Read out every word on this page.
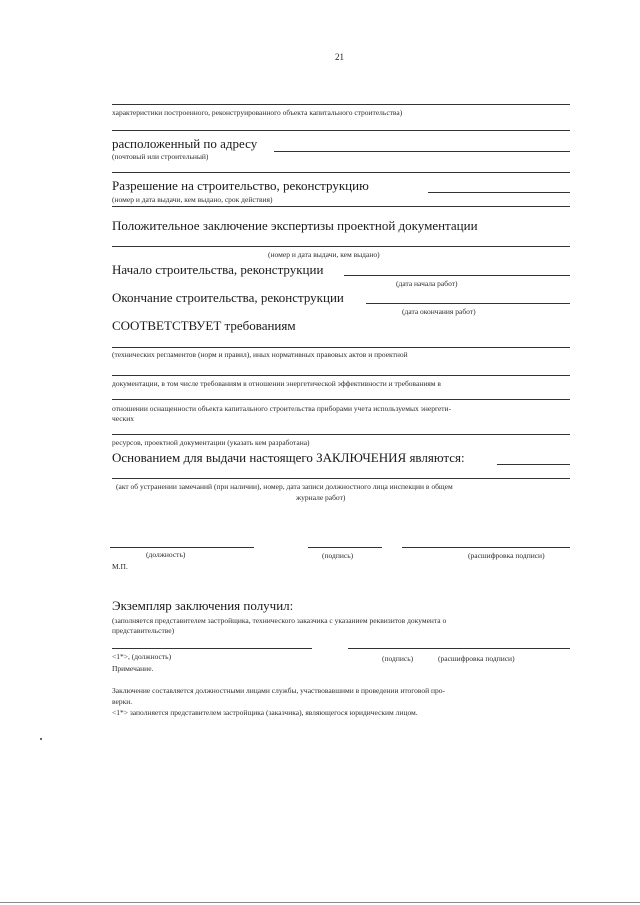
21
характеристики построенного, реконструированного объекта капитального строительства)
расположенный по адресу
(почтовый или строительный)
Разрешение на строительство, реконструкцию
(номер и дата выдачи, кем выдано, срок действия)
Положительное заключение экспертизы проектной документации
(номер и дата выдачи, кем выдано)
Начало строительства, реконструкции
(дата начала работ)
Окончание строительства, реконструкции
(дата окончания работ)
СООТВЕТСТВУЕТ требованиям
(технических регламентов (норм и правил), иных нормативных правовых актов и проектной
документации, в том числе требованиям в отношении энергетической эффективности и требованиям в
отношении оснащенности объекта капитального строительства приборами учета используемых энергети-
ческих
ресурсов, проектной документации (указать кем разработана)
Основанием для выдачи настоящего ЗАКЛЮЧЕНИЯ являются:
(акт об устранении замечаний (при наличии), номер, дата записи должностного лица инспекции в общем
журнале работ)
(должность)	(подпись)	(расшифровка подписи)
М.П.
Экземпляр заключения получил:
(заполняется представителем застройщика, технического заказчика с указанием реквизитов документа о
представительстве)
<1*>, (должность)	(подпись)	(расшифровка подписи)
Примечание.
Заключение составляется должностными лицами службы, участвовавшими в проведении итоговой про-
верки.
<1*> заполняется представителем застройщика (заказчика), являющегося юридическим лицом.
